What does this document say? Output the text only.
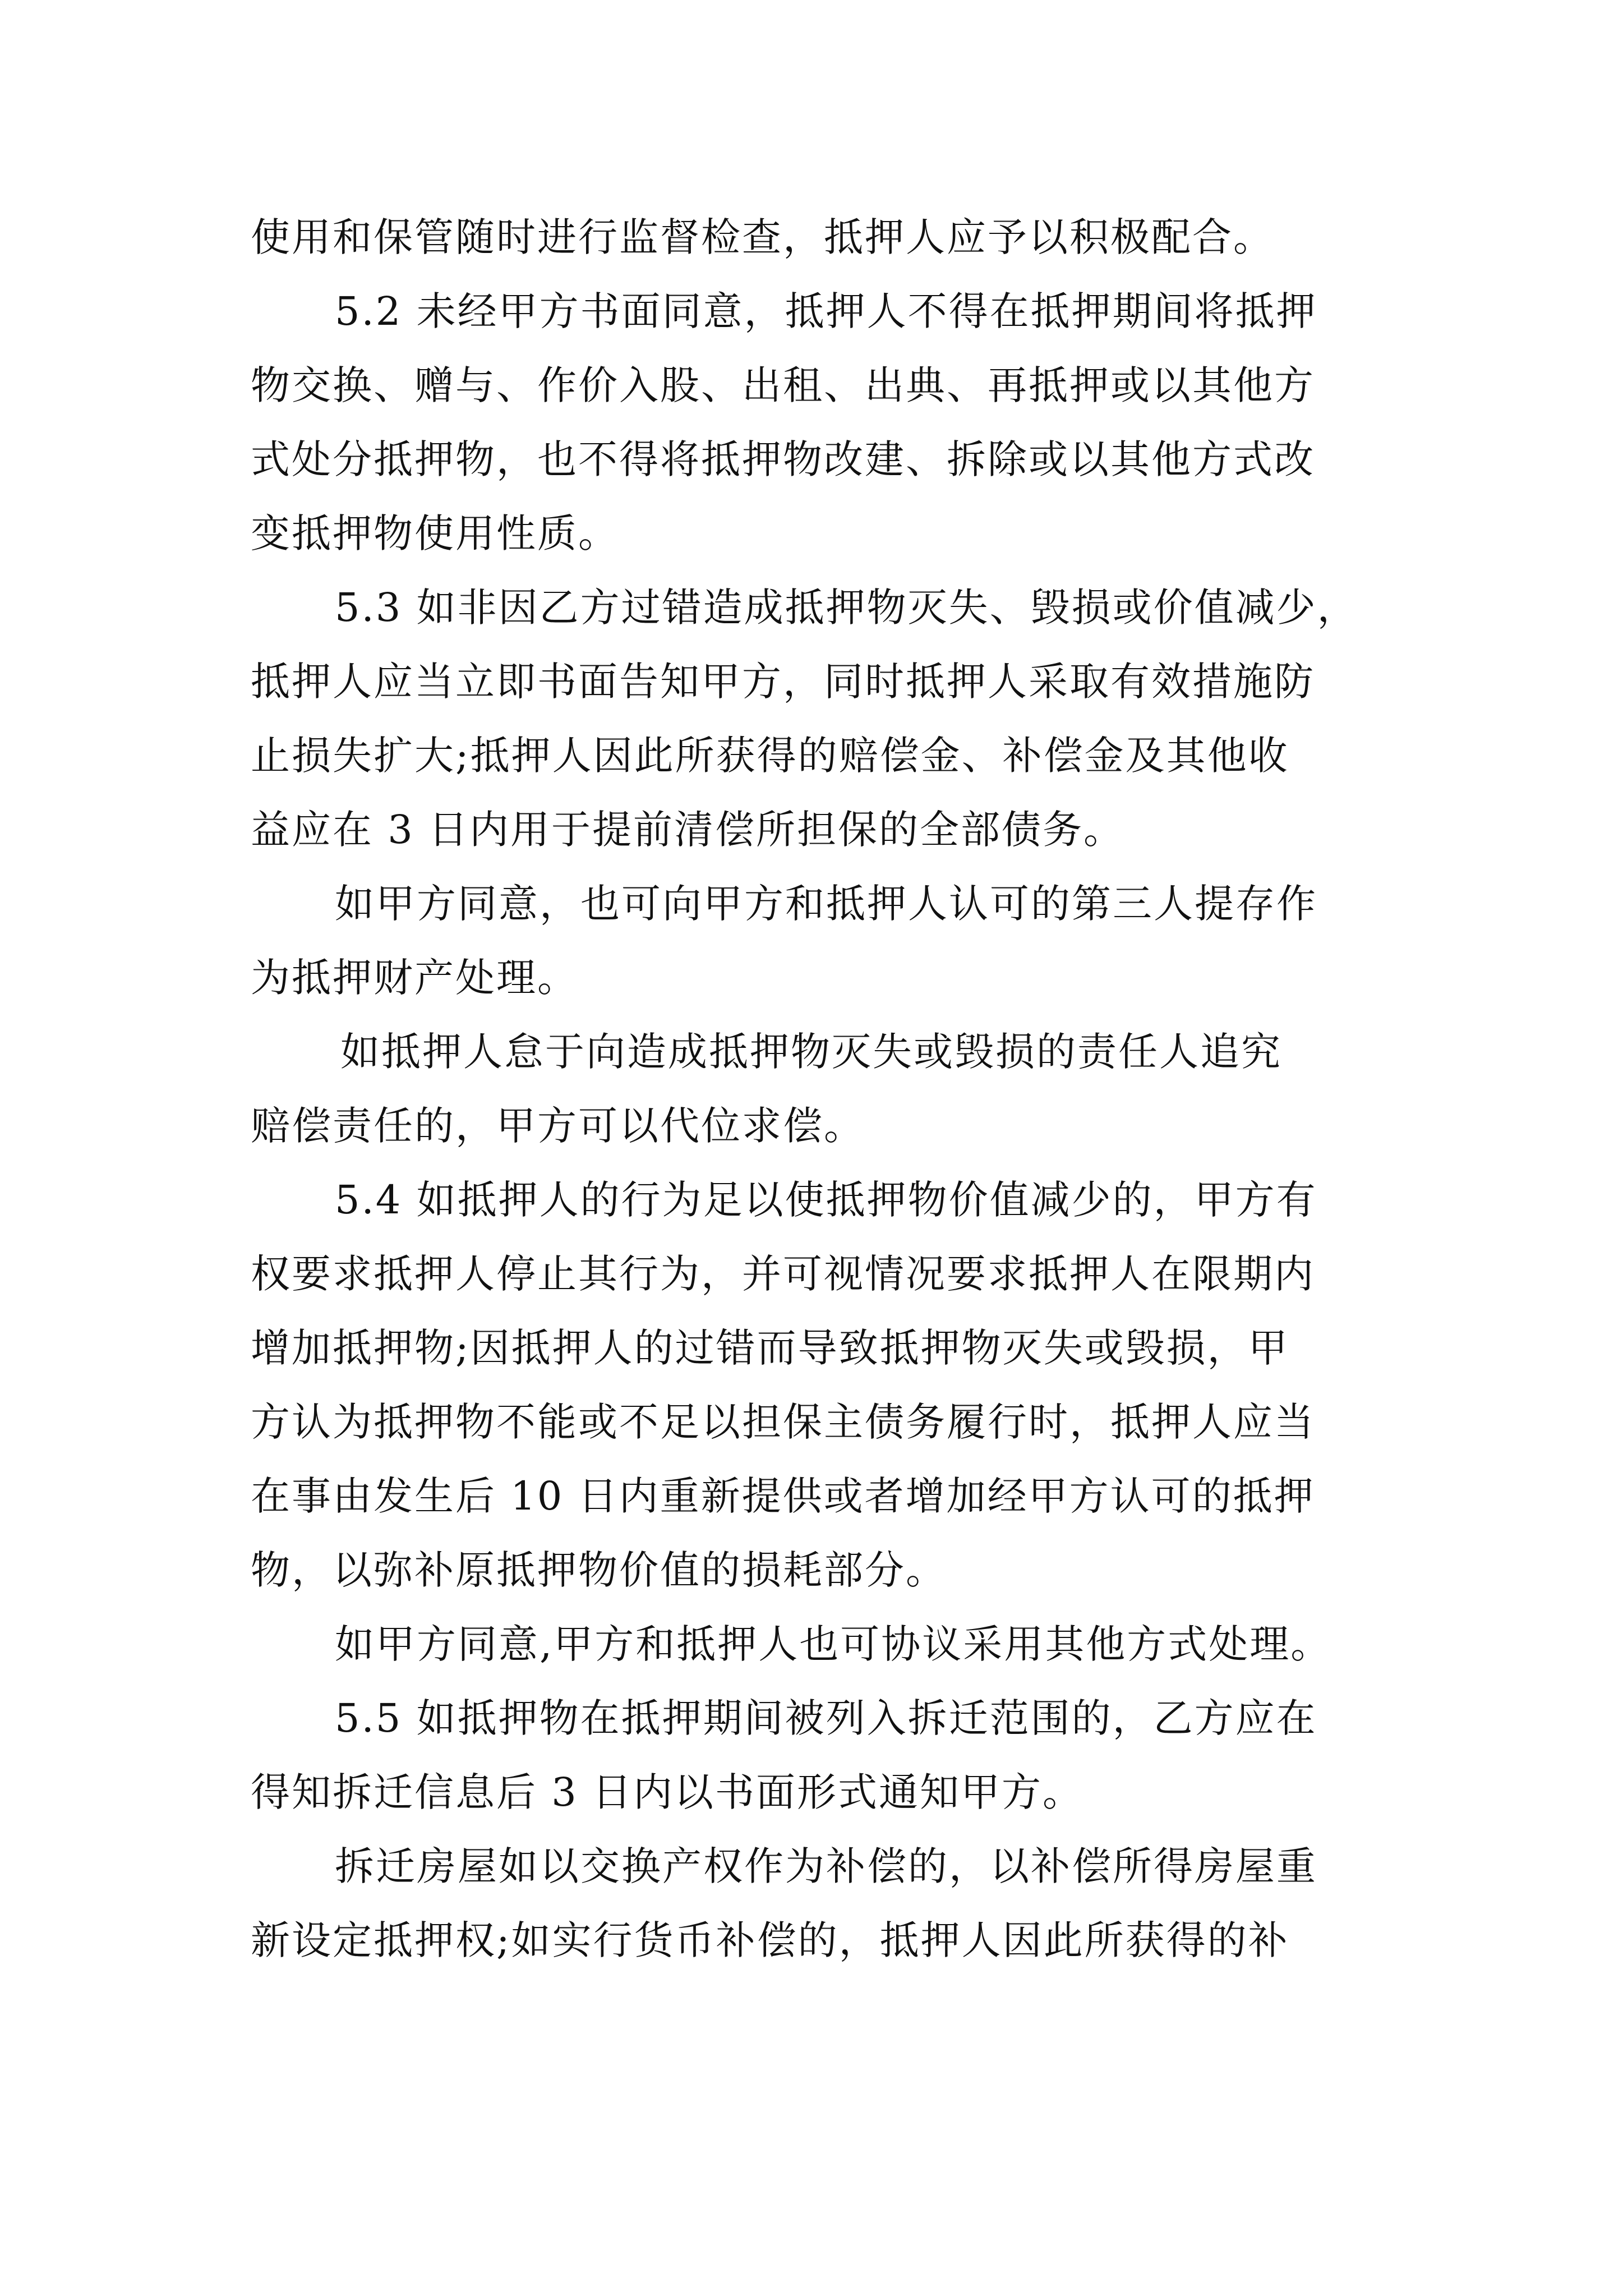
使用和保管随时进行监督检查，抵押人应予以积极配合。
5.2 未经甲方书面同意，抵押人不得在抵押期间将抵押
物交换、赠与、作价入股、出租、出典、再抵押或以其他方
式处分抵押物，也不得将抵押物改建、拆除或以其他方式改
变抵押物使用性质。
5.3 如非因乙方过错造成抵押物灭失、毁损或价值减少，
抵押人应当立即书面告知甲方，同时抵押人采取有效措施防
止损失扩大;抵押人因此所获得的赔偿金、补偿金及其他收
益应在 3 日内用于提前清偿所担保的全部债务。
如甲方同意，也可向甲方和抵押人认可的第三人提存作
为抵押财产处理。
如抵押人怠于向造成抵押物灭失或毁损的责任人追究
赔偿责任的，甲方可以代位求偿。
5.4 如抵押人的行为足以使抵押物价值减少的，甲方有
权要求抵押人停止其行为，并可视情况要求抵押人在限期内
增加抵押物;因抵押人的过错而导致抵押物灭失或毁损，甲
方认为抵押物不能或不足以担保主债务履行时，抵押人应当
在事由发生后 10 日内重新提供或者增加经甲方认可的抵押
物，以弥补原抵押物价值的损耗部分。
如甲方同意,甲方和抵押人也可协议采用其他方式处理。
5.5 如抵押物在抵押期间被列入拆迁范围的，乙方应在
得知拆迁信息后 3 日内以书面形式通知甲方。
拆迁房屋如以交换产权作为补偿的，以补偿所得房屋重
新设定抵押权;如实行货币补偿的，抵押人因此所获得的补
